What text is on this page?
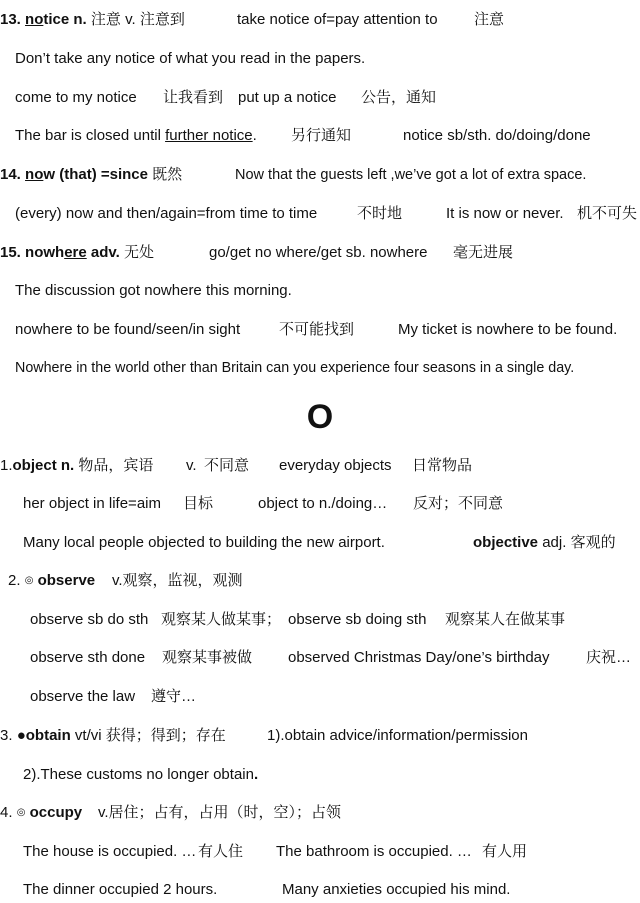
13. notice n. 注意 v. 注意到	take notice of=pay attention to 注意
Don’t take any notice of what you read in the papers.
come to my notice 让我看到 put up a notice 公告，通知
The bar is closed until further notice. 另行通知	notice sb/sth. do/doing/done
14. now (that) =since 既然	Now that the guests left ,we’ve got a lot of extra space.
(every) now and then/again=from time to time	不时地	It is now or never. 机不可失
15. nowhere adv. 无处	go/get no where/get sb. nowhere 毫无进展
The discussion got nowhere this morning.
nowhere to be found/seen/in sight	不可能找到	My ticket is nowhere to be found.
Nowhere in the world other than Britain can you experience four seasons in a single day.
O
1.object n. 物品，宾语 v. 不同意 everyday objects 日常物品
her object in life=aim 目标	object to n./doing… 反对；不同意
Many local people objected to building the new airport.	objective adj. 客观的
2. ◎ observe v.观察，监视，观测
observe sb do sth 观察某人做某事； observe sb doing sth 观察某人在做某事
observe sth done 观察某事被做 observed Christmas Day/one’s birthday 庆祝…
observe the law 遵守…
3. ●obtain vt/vi 获得；得到；存在	1).obtain advice/information/permission
2).These customs no longer obtain.
4. ◎ occupy v.居住；占有，占用（时，空）；占领
The house is occupied. … 有人住 The bathroom is occupied. … 有人用
The dinner occupied 2 hours.	Many anxieties occupied his mind.
